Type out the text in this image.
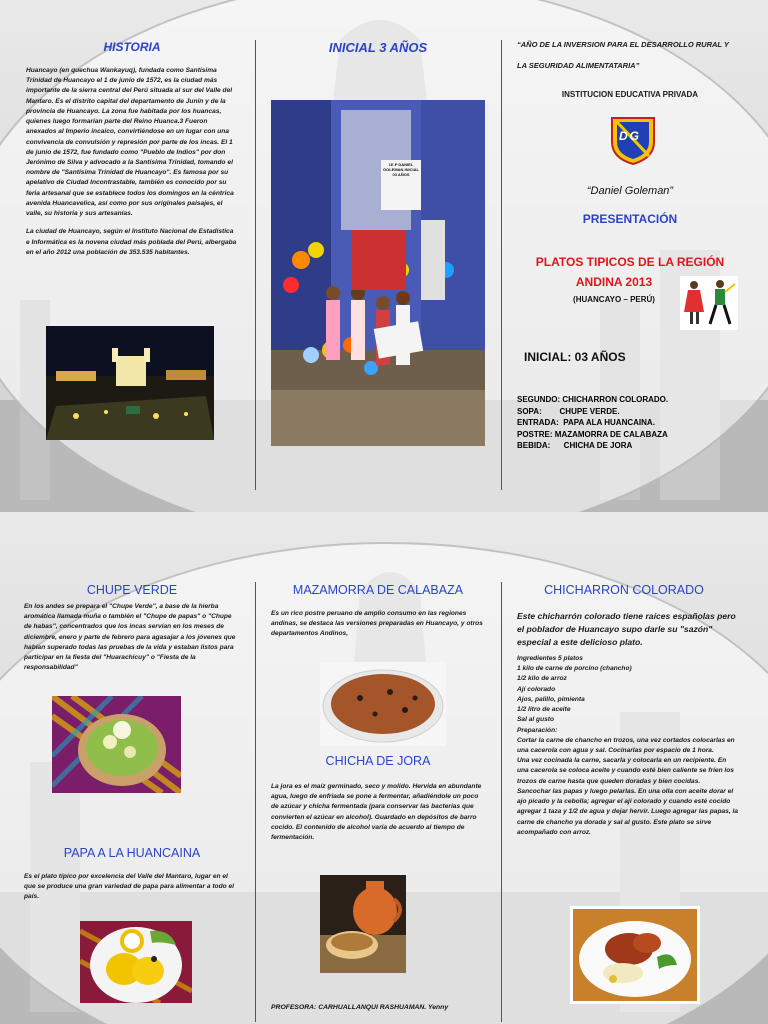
HISTORIA
Huancayo (en quechua Wankayuq), fundada como Santísima Trinidad de Huancayo el 1 de junio de 1572, es la ciudad más importante de la sierra central del Perú situada al sur del Valle del Mantaro. Es el distrito capital del departamento de Junín y de la provincia de Huancayo. La zona fue habitada por los huancas, quienes luego formarían parte del Reino Huanca.3 Fueron anexados al Imperio incaico, convirtiéndose en un lugar con una convivencia de convulsión y represión por parte de los incas. El 1 de junio de 1572, fue fundado como "Pueblo de Indios" por don Jerónimo de Silva y advocado a la Santísima Trinidad, tomando el nombre de "Santísima Trinidad de Huancayo". Es famosa por su apelativo de Ciudad Incontrastable, también es conocido por su feria artesanal que se establece todos los domingos en la céntrica avenida Huancavelica, así como por sus originales paisajes, el valle, su historia y sus artesanías.
La ciudad de Huancayo, según el Instituto Nacional de Estadística e Informática es la novena ciudad más poblada del Perú, albergaba en el año 2012 una población de 353.535 habitantes.
INICIAL 3 AÑOS
I.E.P DANIEL GOLEMAN INICIAL 03 AÑOS
“AÑO DE LA INVERSION PARA EL DESARROLLO RURAL Y
LA SEGURIDAD ALIMENTATARIA”
INSTITUCION EDUCATIVA PRIVADA
DG
“Daniel Goleman”
PRESENTACIÓN
PLATOS TIPICOS DE LA REGIÓN
ANDINA 2013
(HUANCAYO – PERÚ)
INICIAL: 03 AÑOS
SEGUNDO: CHICHARRON COLORADO.
SOPA:        CHUPE VERDE.
ENTRADA:  PAPA ALA HUANCAINA.
POSTRE: MAZAMORRA DE CALABAZA
BEBIDA:      CHICHA DE JORA
CHUPE VERDE
En los andes se prepara el "Chupe Verde", a base de la hierba aromática llamada muña o también el "Chupe de papas" o "Chupe de habas", concentrados que los incas servían en los meses de diciembre, enero y parte de febrero para agasajar a los jóvenes que habían superado todas las pruebas de la vida y estaban listos para participar en la fiesta del "Huarachicuy" o "Fiesta de la responsabilidad"
PAPA A LA HUANCAINA
Es el plato típico por excelencia del Valle del Mantaro, lugar en el que se produce una gran variedad de papa para alimentar a todo el país.
MAZAMORRA DE CALABAZA
Es un rico postre peruano de amplio consumo en las regiones andinas, se destaca las versiones preparadas en Huancayo, y otros departamentos Andinos,
CHICHA DE JORA
La jora es el maíz germinado, seco y molido. Hervida en abundante agua, luego de enfriada se pone a fermentar, añadiéndole un poco de azúcar y chicha fermentada (para conservar las bacterias que convierten el azúcar en alcohol). Guardado en depósitos de barro cocido. El contenido de alcohol varía de acuerdo al tiempo de fermentación.
PROFESORA: CARHUALLANQUI RASHUAMAN. Yenny
CHICHARRON COLORADO
Este chicharrón colorado tiene raíces españolas pero el poblador de Huancayo supo darle su "sazón" especial a este delicioso plato.
Ingredientes 5 platos
1 kilo de carne de porcino (chancho)
1/2 kilo de arroz
Ají colorado
Ajos, palillo, pimienta
1/2 litro de aceite
Sal al gusto
Preparación:
Cortar la carne de chancho en trozos, una vez cortados colocarlas en una cacerola con agua y sal. Cocinarlas por espacio de 1 hora.
Una vez cocinada la carne, sacarla y colocarla en un recipiente. En una cacerola se coloca aceite y cuando esté bien caliente se fríen los trozos de carne hasta que queden doradas y bien cocidas.
Sancochar las papas y luego pelarlas. En una olla con aceite dorar el ajo picado y la cebolla; agregar el ají colorado y cuando esté cocido agregar 1 taza y 1/2 de agua y dejar hervir. Luego agregar las papas, la carne de chancho ya dorada y sal al gusto. Este plato se sirve acompañado con arroz.
